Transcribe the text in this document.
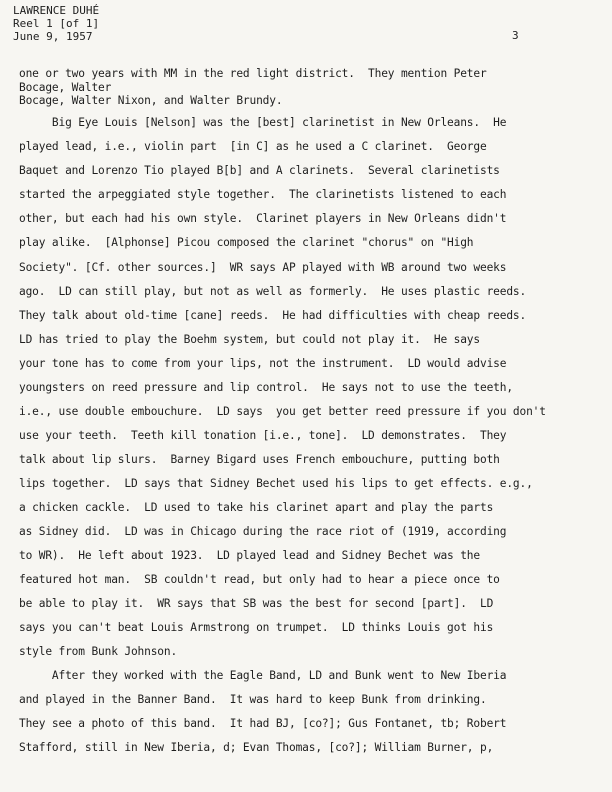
LAWRENCE DUHÉ
Reel 1 [of 1]
June 9, 1957	3
one or two years with MM in the red light district.  They mention Peter
Bocage, Walter
Bocage, Walter Nixon, and Walter Brundy.
Big Eye Louis [Nelson] was the [best] clarinetist in New Orleans.  He
played lead, i.e., violin part  [in C] as he used a C clarinet.  George
Baquet and Lorenzo Tio played B[b] and A clarinets.  Several clarinetists
started the arpeggiated style together.  The clarinetists listened to each
other, but each had his own style.  Clarinet players in New Orleans didn't
play alike.  [Alphonse] Picou composed the clarinet "chorus" on "High
Society". [Cf. other sources.]  WR says AP played with WB around two weeks
ago.  LD can still play, but not as well as formerly.  He uses plastic reeds.
They talk about old-time [cane] reeds.  He had difficulties with cheap reeds.
LD has tried to play the Boehm system, but could not play it.  He says
your tone has to come from your lips, not the instrument.  LD would advise
youngsters on reed pressure and lip control.  He says not to use the teeth,
i.e., use double embouchure.  LD says  you get better reed pressure if you don't
use your teeth.  Teeth kill tonation [i.e., tone].  LD demonstrates.  They
talk about lip slurs.  Barney Bigard uses French embouchure, putting both
lips together.  LD says that Sidney Bechet used his lips to get effects. e.g.,
a chicken cackle.  LD used to take his clarinet apart and play the parts
as Sidney did.  LD was in Chicago during the race riot of (1919, according
to WR).  He left about 1923.  LD played lead and Sidney Bechet was the
featured hot man.  SB couldn't read, but only had to hear a piece once to
be able to play it.  WR says that SB was the best for second [part].  LD
says you can't beat Louis Armstrong on trumpet.  LD thinks Louis got his
style from Bunk Johnson.
After they worked with the Eagle Band, LD and Bunk went to New Iberia
and played in the Banner Band.  It was hard to keep Bunk from drinking.
They see a photo of this band.  It had BJ, [co?]; Gus Fontanet, tb; Robert
Stafford, still in New Iberia, d; Evan Thomas, [co?]; William Burner, p,
